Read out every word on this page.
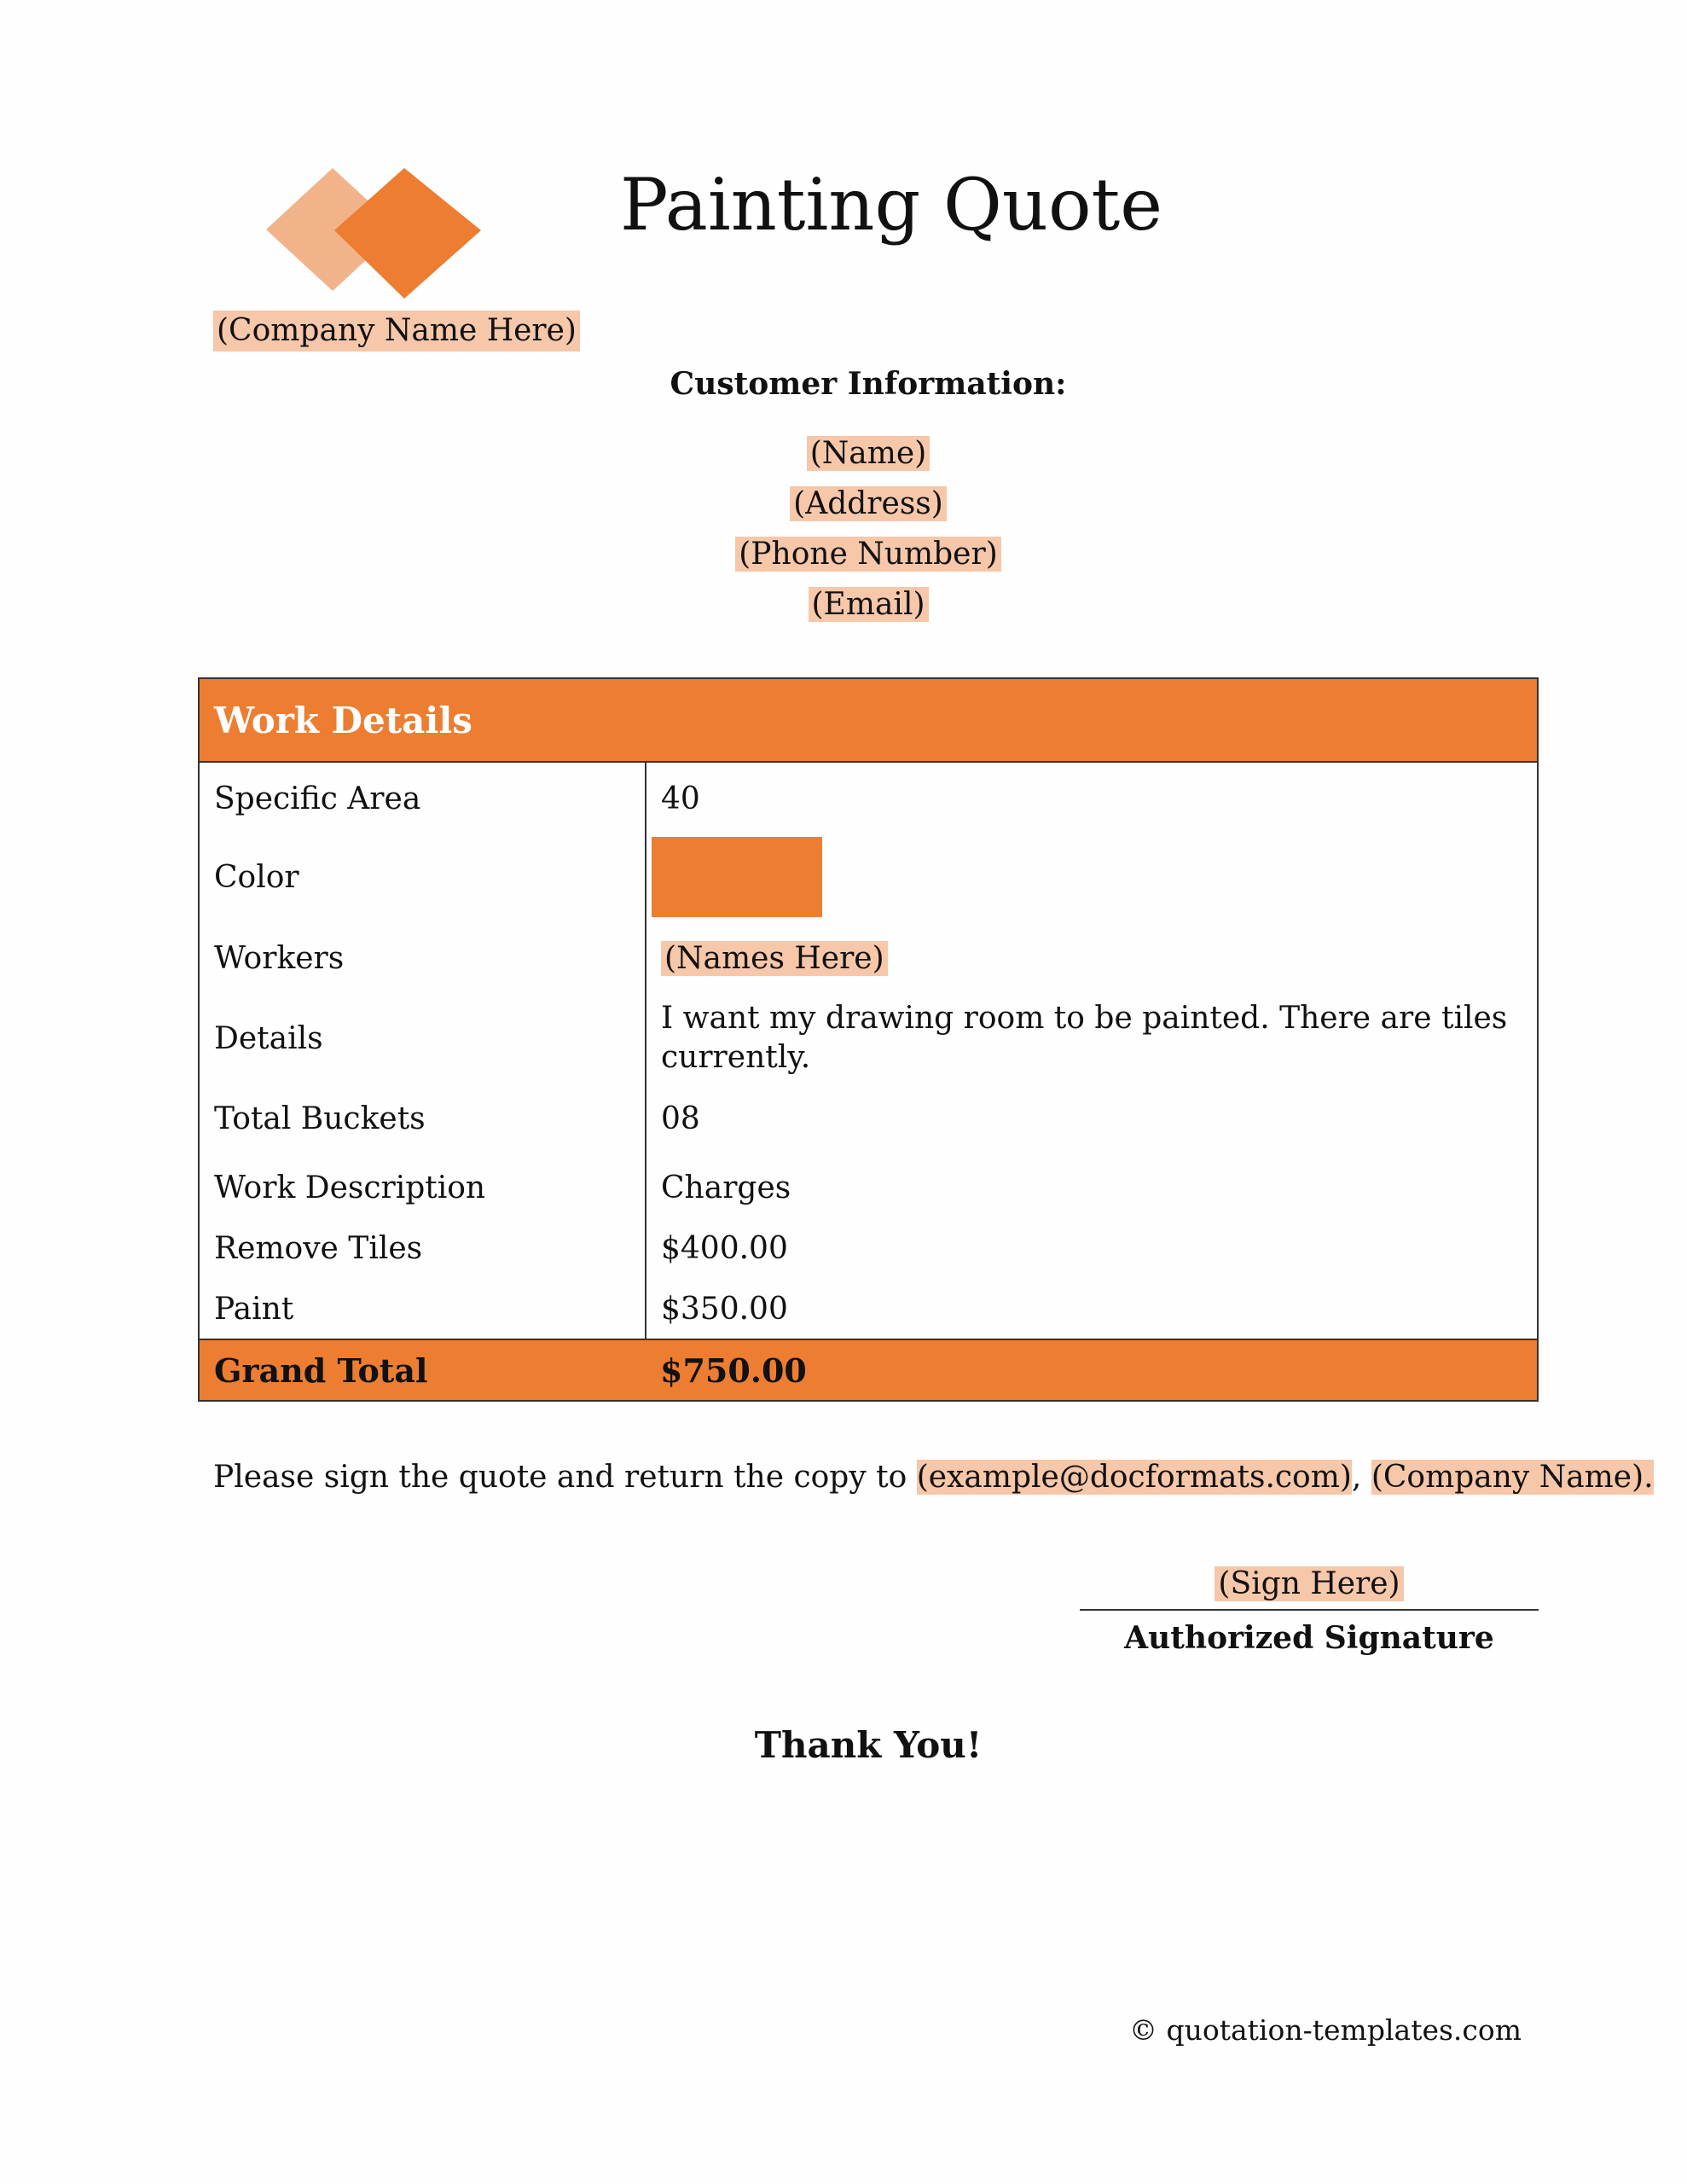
(Company Name Here)
Painting Quote
Customer Information:
(Name)
(Address)
(Phone Number)
(Email)
Work Details	
Specific Area	40
Color	

Workers	(Names Here)
Details	I want my drawing room to be painted. There are tiles currently.
Total Buckets	08
Work Description	Charges
Remove Tiles	$400.00
Paint	$350.00
Grand Total	$750.00
Please sign the quote and return the copy to (example@docformats.com), (Company Name).
(Sign Here)
Authorized Signature
Thank You!
© quotation-templates.com
